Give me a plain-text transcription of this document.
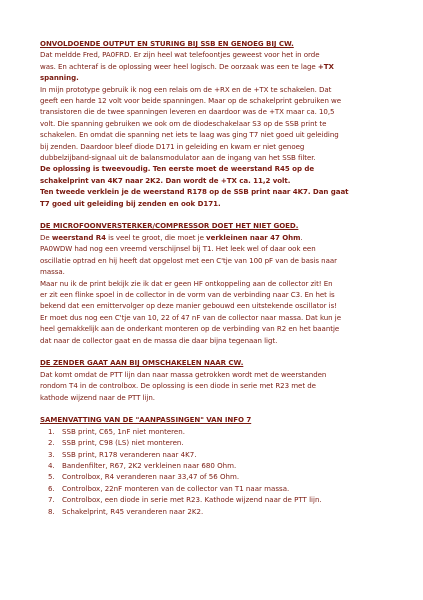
ONVOLDOENDE OUTPUT EN STURING BIJ SSB EN GENOEG BIJ CW.

Dat meldde Fred, PA0FRD. Er zijn heel wat telefoontjes geweest voor het in orde

was. En achteraf is de oplossing weer heel logisch. De oorzaak was een te lage +TX

spanning.

In mijn prototype gebruik ik nog een relais om de +RX en de +TX te schakelen. Dat

geeft een harde 12 volt voor beide spanningen. Maar op de schakelprint gebruiken we

transistoren die de twee spanningen leveren en daardoor was de +TX maar ca. 10,5

volt. Die spanning gebruiken we ook om de diodeschakelaar S3 op de SSB print te

schakelen. En omdat die spanning net iets te laag was ging T7 niet goed uit geleiding

bij zenden. Daardoor bleef diode D171 in geleiding en kwam er niet genoeg

dubbelzijband-signaal uit de balansmodulator aan de ingang van het SSB filter.

De oplossing is tweevoudig. Ten eerste moet de weerstand R45 op de

schakelprint van 4K7 naar 2K2. Dan wordt de +TX ca. 11,2 volt.

Ten tweede verklein je de weerstand R178 op de SSB print naar 4K7. Dan gaat

T7 goed uit geleiding bij zenden en ook D171.

DE MICROFOONVERSTERKER/COMPRESSOR DOET HET NIET GOED.

De weerstand R4 is veel te groot, die moet je verkleinen naar 47 Ohm.

PA0WDW had nog een vreemd verschijnsel bij T1. Het leek wel of daar ook een

oscillatie optrad en hij heeft dat opgelost met een C'tje van 100 pF van de basis naar

massa.

Maar nu ik de print bekijk zie ik dat er geen HF ontkoppeling aan de collector zit! En

er zit een flinke spoel in de collector in de vorm van de verbinding naar C3. En het is

bekend dat een emittervolger op deze manier gebouwd een uitstekende oscillator is!

Er moet dus nog een C'tje van 10, 22 of 47 nF van de collector naar massa. Dat kun je

heel gemakkelijk aan de onderkant monteren op de verbinding van R2 en het baantje

dat naar de collector gaat en de massa die daar bijna tegenaan ligt.

DE ZENDER GAAT AAN BIJ OMSCHAKELEN NAAR CW.

Dat komt omdat de PTT lijn dan naar massa getrokken wordt met de weerstanden

rondom T4 in de controlbox. De oplossing is een diode in serie met R23 met de

kathode wijzend naar de PTT lijn.

SAMENVATTING VAN DE "AANPASSINGEN" VAN INFO 7

1. SSB print, C65, 1nF niet monteren.
2. SSB print, C98 (LS) niet monteren.
3. SSB print, R178 veranderen naar 4K7.
4. Bandenfilter, R67, 2K2 verkleinen naar 680 Ohm.
5. Controlbox, R4 veranderen naar 33,47 of 56 Ohm.
6. Controlbox, 22nF monteren van de collector van T1 naar massa.
7. Controlbox, een diode in serie met R23. Kathode wijzend naar de PTT lijn.
8. Schakelprint, R45 veranderen naar 2K2.
